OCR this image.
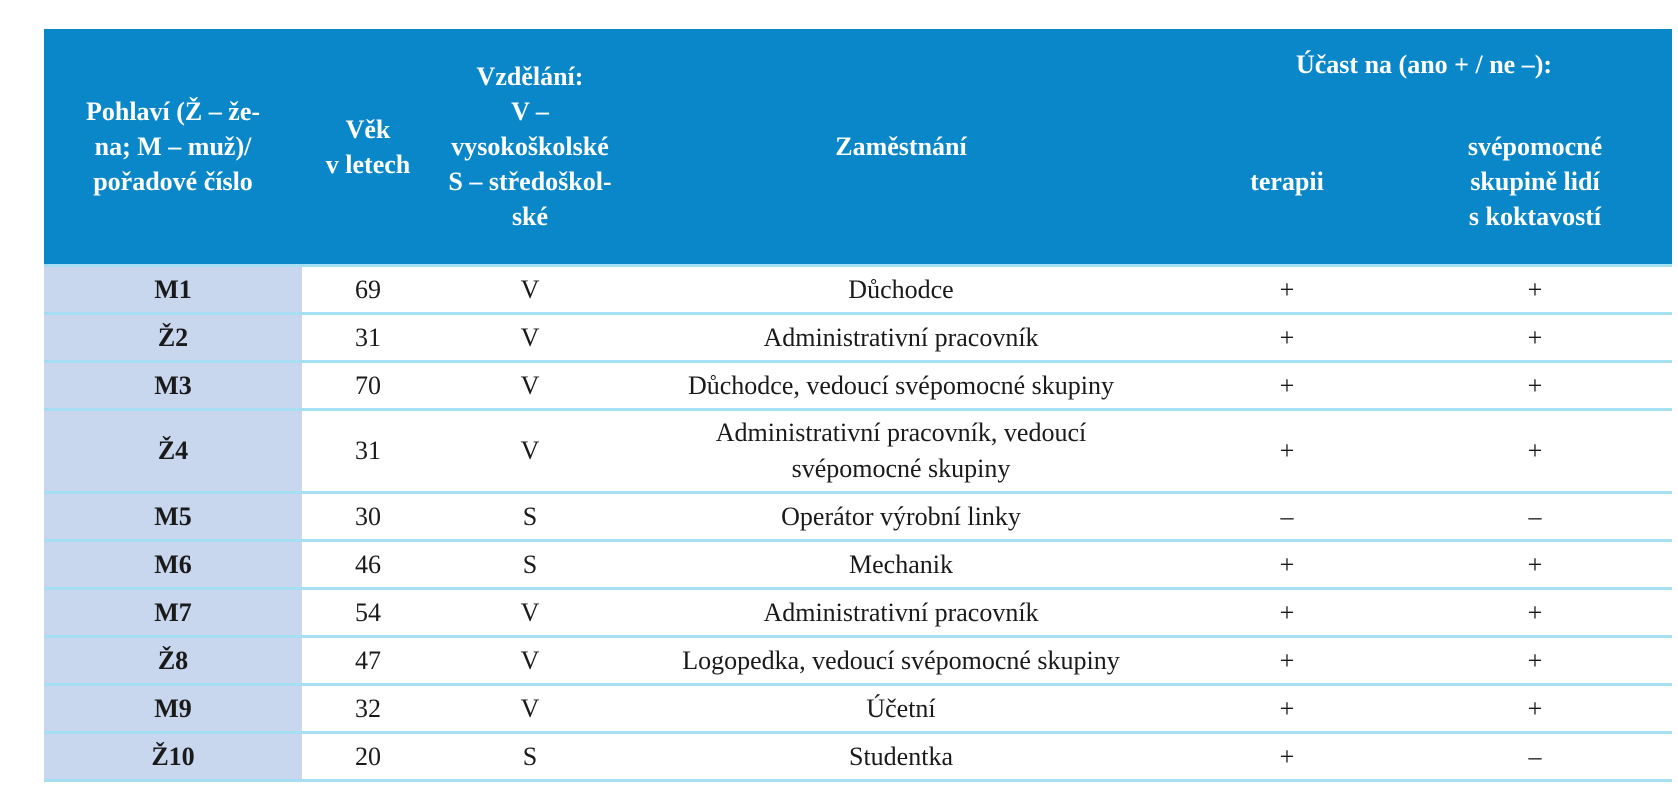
Pohlaví (Ž – že-
na; M – muž)/
pořadové číslo	Věk
v letech	Vzdělání:
V –
vysokoškolské
S – středoškol-
ské	Zaměstnání	Účast na (ano + / ne –):	
				terapii	svépomocné
skupině lidí
s koktavostí
M1	69	V	Důchodce	+	+
Ž2	31	V	Administrativní pracovník	+	+
M3	70	V	Důchodce, vedoucí svépomocné skupiny	+	+
Ž4	31	V	Administrativní pracovník, vedoucí
svépomocné skupiny	+	+
M5	30	S	Operátor výrobní linky	–	–
M6	46	S	Mechanik	+	+
M7	54	V	Administrativní pracovník	+	+
Ž8	47	V	Logopedka, vedoucí svépomocné skupiny	+	+
M9	32	V	Účetní	+	+
Ž10	20	S	Studentka	+	–
